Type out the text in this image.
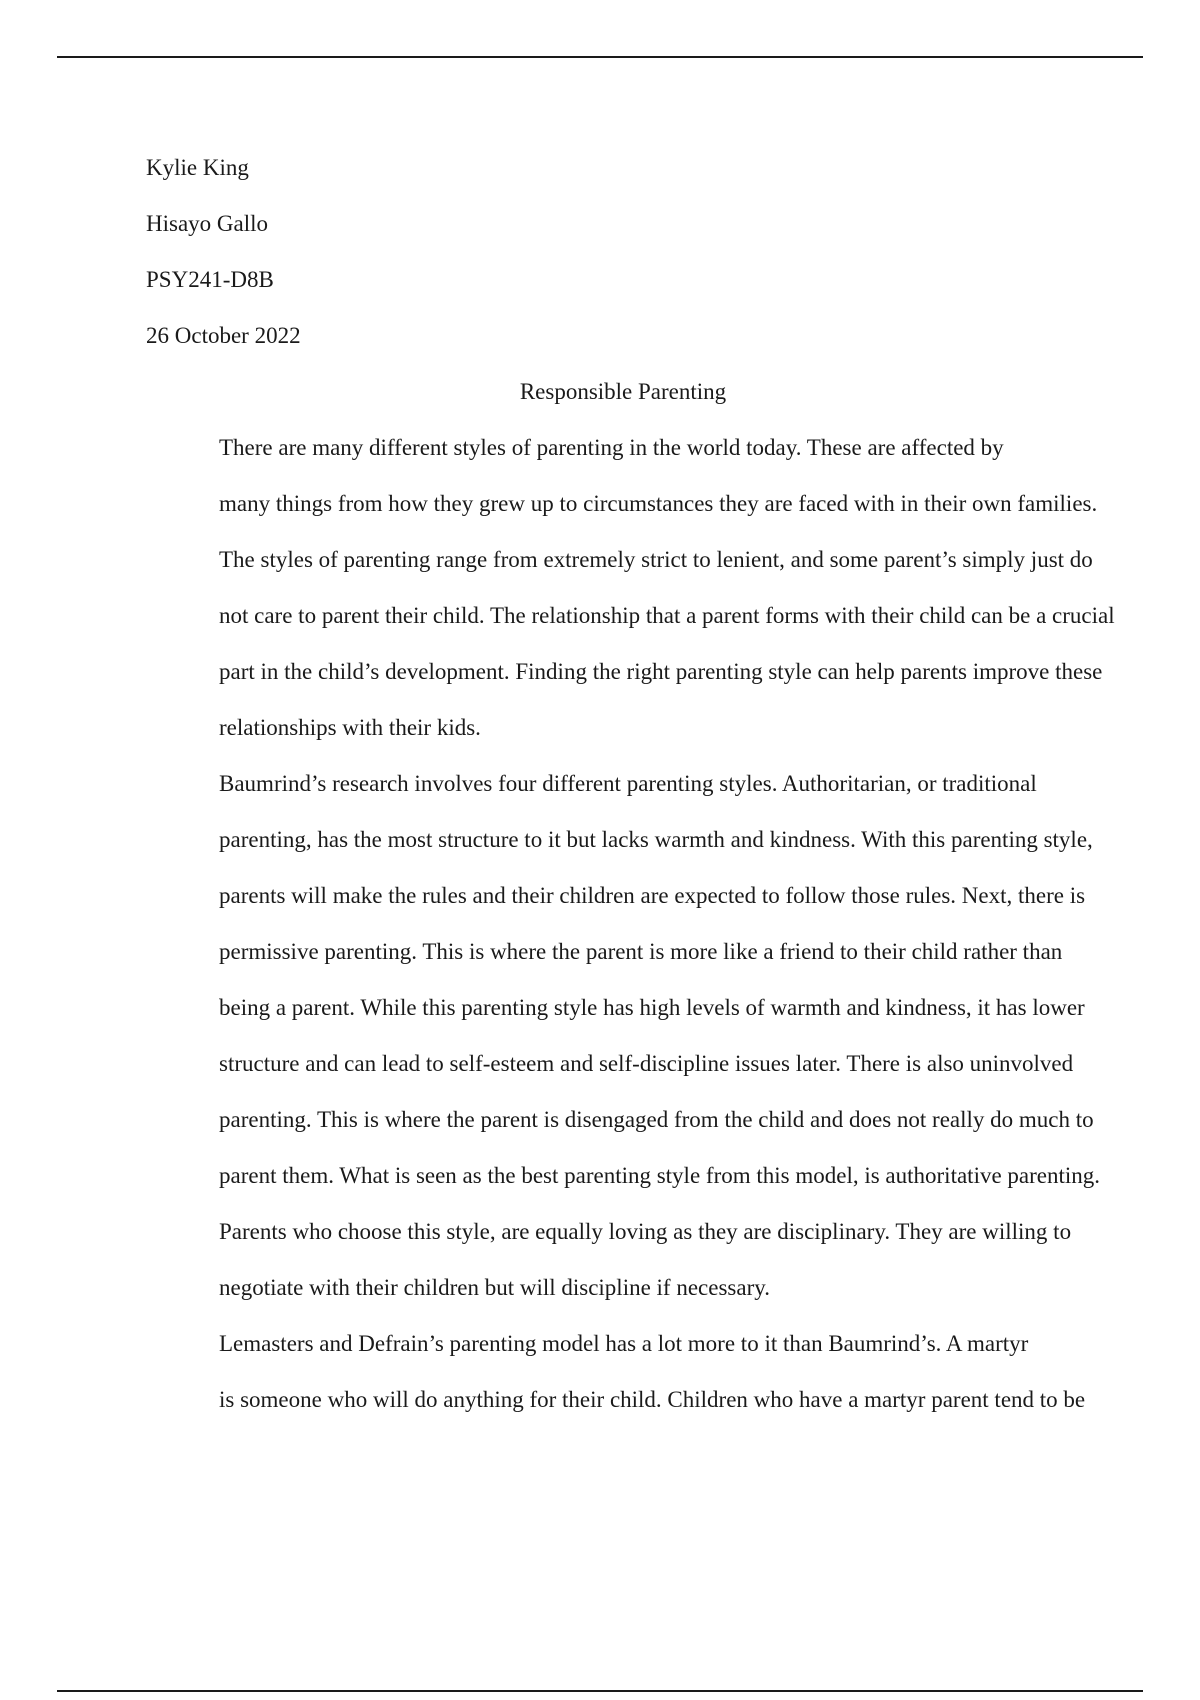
Kylie King

Hisayo Gallo

PSY241-D8B

26 October 2022

Responsible Parenting

There are many different styles of parenting in the world today. These are affected by
many things from how they grew up to circumstances they are faced with in their own families.
The styles of parenting range from extremely strict to lenient, and some parent’s simply just do
not care to parent their child. The relationship that a parent forms with their child can be a crucial
part in the child’s development. Finding the right parenting style can help parents improve these
relationships with their kids.

Baumrind’s research involves four different parenting styles. Authoritarian, or traditional
parenting, has the most structure to it but lacks warmth and kindness. With this parenting style,
parents will make the rules and their children are expected to follow those rules. Next, there is
permissive parenting. This is where the parent is more like a friend to their child rather than
being a parent. While this parenting style has high levels of warmth and kindness, it has lower
structure and can lead to self-esteem and self-discipline issues later. There is also uninvolved
parenting. This is where the parent is disengaged from the child and does not really do much to
parent them. What is seen as the best parenting style from this model, is authoritative parenting.
Parents who choose this style, are equally loving as they are disciplinary. They are willing to
negotiate with their children but will discipline if necessary.

Lemasters and Defrain’s parenting model has a lot more to it than Baumrind’s. A martyr
is someone who will do anything for their child. Children who have a martyr parent tend to be
